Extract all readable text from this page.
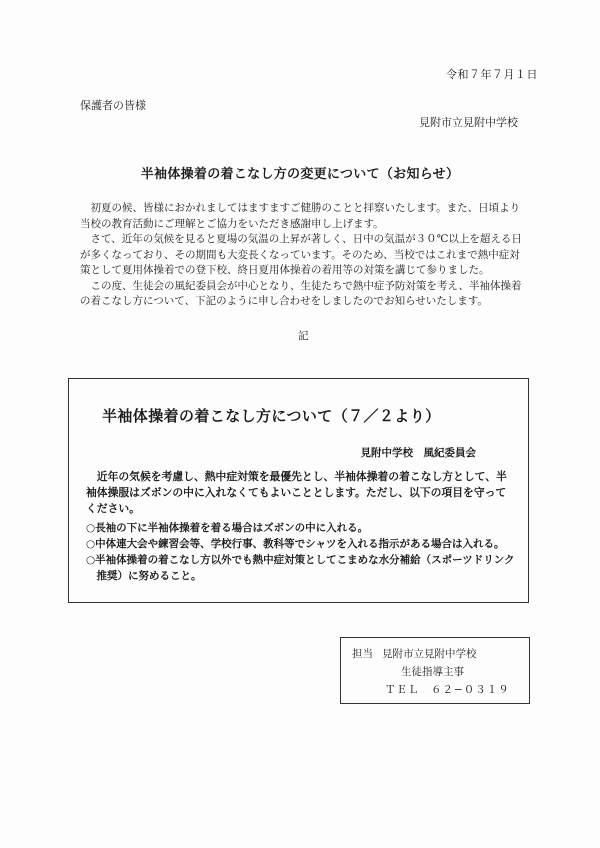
令和７年７月１日
保護者の皆様
見附市立見附中学校
半袖体操着の着こなし方の変更について（お知らせ）

初夏の候、皆様におかれましてはますますご健勝のことと拝察いたします。また、日頃より当校の教育活動にご理解とご協力をいただき感謝申し上げます。

さて、近年の気候を見ると夏場の気温の上昇が著しく、日中の気温が３０℃以上を超える日が多くなっており、その期間も大変長くなっています。そのため、当校ではこれまで熱中症対策として夏用体操着での登下校、終日夏用体操着の着用等の対策を講じて参りました。

この度、生徒会の風紀委員会が中心となり、生徒たちで熱中症予防対策を考え、半袖体操着の着こなし方について、下記のように申し合わせをしましたのでお知らせいたします。

記
半袖体操着の着こなし方について（７／２より）
見附中学校　風紀委員会

近年の気候を考慮し、熱中症対策を最優先とし、半袖体操着の着こなし方として、半袖体操服はズボンの中に入れなくてもよいこととします。ただし、以下の項目を守ってください。

○長袖の下に半袖体操着を着る場合はズボンの中に入れる。
○中体連大会や練習会等、学校行事、教科等でシャツを入れる指示がある場合は入れる。
○半袖体操着の着こなし方以外でも熱中症対策としてこまめな水分補給（スポーツドリンク推奨）に努めること。
担当 見附市立見附中学校
生徒指導主事
ＴＥＬ　６２−０３１９
